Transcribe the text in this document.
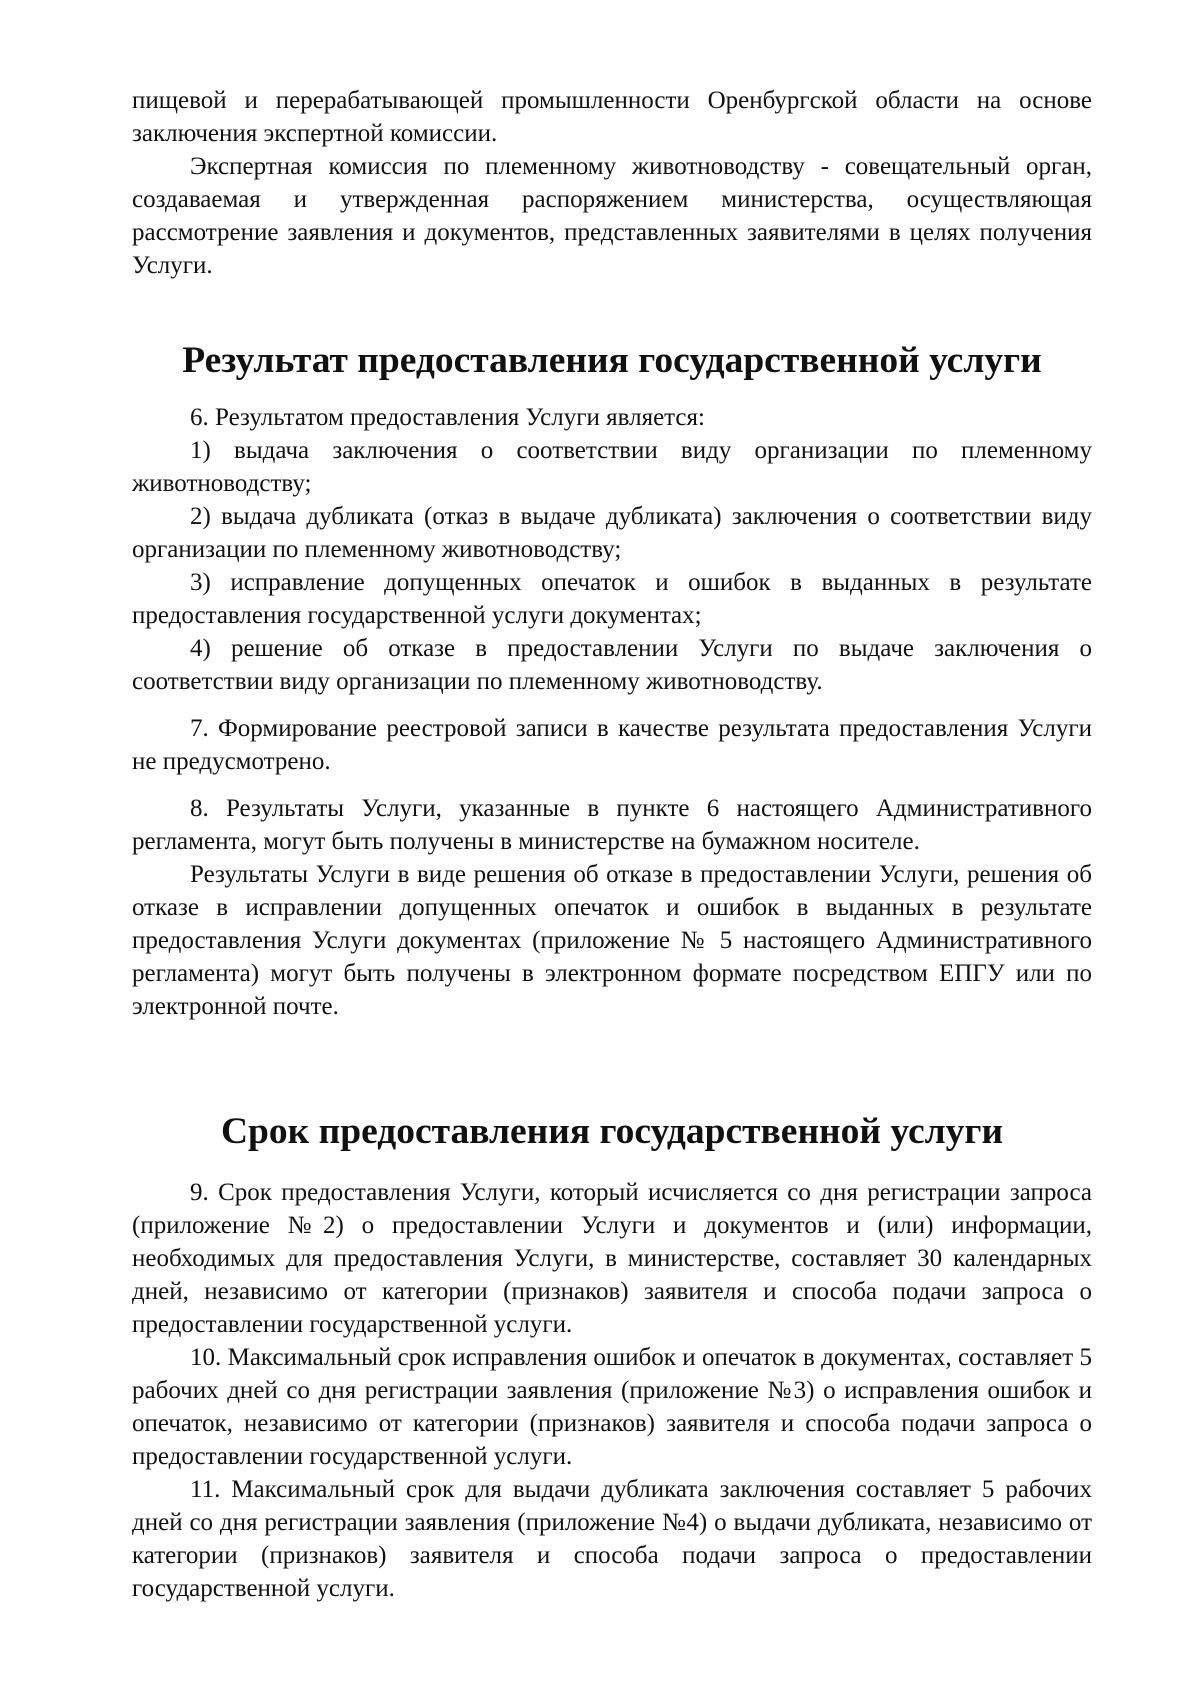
пищевой и перерабатывающей промышленности Оренбургской области на основе заключения экспертной комиссии.

Экспертная комиссия по племенному животноводству - совещательный орган, создаваемая и утвержденная распоряжением министерства, осуществляющая рассмотрение заявления и документов, представленных заявителями в целях получения Услуги.

Результат предоставления государственной услуги

6. Результатом предоставления Услуги является:

1) выдача заключения о соответствии виду организации по племенному животноводству;

2) выдача дубликата (отказ в выдаче дубликата) заключения о соответствии виду организации по племенному животноводству;

3) исправление допущенных опечаток и ошибок в выданных в результате предоставления государственной услуги документах;

4) решение об отказе в предоставлении Услуги по выдаче заключения о соответствии виду организации по племенному животноводству.

7. Формирование реестровой записи в качестве результата предоставления Услуги не предусмотрено.

8. Результаты Услуги, указанные в пункте 6 настоящего Административного регламента, могут быть получены в министерстве на бумажном носителе.

Результаты Услуги в виде решения об отказе в предоставлении Услуги, решения об отказе в исправлении допущенных опечаток и ошибок в выданных в результате предоставления Услуги документах (приложение № 5 настоящего Административного регламента) могут быть получены в электронном формате посредством ЕПГУ или по электронной почте.

Срок предоставления государственной услуги

9. Срок предоставления Услуги, который исчисляется со дня регистрации запроса (приложение №2) о предоставлении Услуги и документов и (или) информации, необходимых для предоставления Услуги, в министерстве, составляет 30 календарных дней, независимо от категории (признаков) заявителя и способа подачи запроса о предоставлении государственной услуги.

10. Максимальный срок исправления ошибок и опечаток в документах, составляет 5 рабочих дней со дня регистрации заявления (приложение №3) о исправления ошибок и опечаток, независимо от категории (признаков) заявителя и способа подачи запроса о предоставлении государственной услуги.

11. Максимальный срок для выдачи дубликата заключения составляет 5 рабочих дней со дня регистрации заявления (приложение №4) о выдачи дубликата, независимо от категории (признаков) заявителя и способа подачи запроса о предоставлении государственной услуги.
